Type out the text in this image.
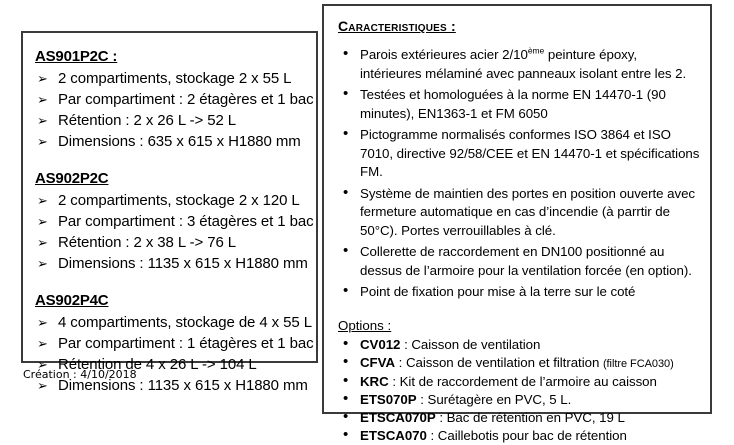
AS901P2C :
➢ 2 compartiments, stockage 2 x 55 L
➢ Par compartiment : 2 étagères et 1 bac
➢ Rétention : 2 x 26 L -> 52 L
➢ Dimensions : 635 x 615 x H1880 mm
AS902P2C
➢ 2 compartiments, stockage 2 x 120 L
➢ Par compartiment : 3 étagères et 1 bac
➢ Rétention : 2 x 38 L -> 76 L
➢ Dimensions : 1135 x 615 x H1880 mm
AS902P4C
➢ 4 compartiments, stockage de 4 x 55 L
➢ Par compartiment : 1 étagères et 1 bac
➢ Rétention de 4 x 26 L -> 104 L
➢ Dimensions : 1135 x 615 x H1880 mm
Création : 4/10/2018
Caracteristiques :
• Parois extérieures acier 2/10ème peinture époxy, intérieures mélaminé avec panneaux isolant entre les 2.
• Testées et homologuées à la norme EN 14470-1 (90 minutes), EN1363-1 et FM 6050
• Pictogramme normalisés conformes ISO 3864 et ISO 7010, directive 92/58/CEE et EN 14470-1 et spécifications FM.
• Système de maintien des portes en position ouverte avec fermeture automatique en cas d’incendie (à parrtir de 50°C). Portes verrouillables à clé.
• Collerette de raccordement en DN100 positionné au dessus de l’armoire pour la ventilation forcée (en option).
• Point de fixation pour mise à la terre sur le coté
Options :
• CV012 : Caisson de ventilation
• CFVA : Caisson de ventilation et filtration (filtre FCA030)
• KRC : Kit de raccordement de l’armoire au caisson
• ETS070P : Surétagère en PVC, 5 L.
• ETSCA070P : Bac de rétention en PVC, 19 L
• ETSCA070 : Caillebotis pour bac de rétention
